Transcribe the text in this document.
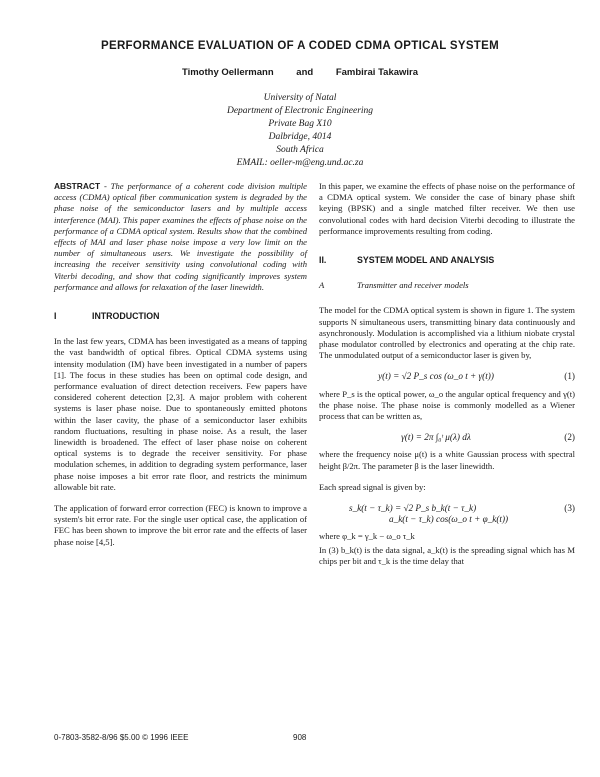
PERFORMANCE EVALUATION OF A CODED CDMA OPTICAL SYSTEM
Timothy Oellermann and Fambirai Takawira
University of Natal
Department of Electronic Engineering
Private Bag X10
Dalbridge, 4014
South Africa
EMAIL: oeller-m@eng.und.ac.za

ABSTRACT - The performance of a coherent code division multiple access (CDMA) optical fiber communication system is degraded by the phase noise of the semiconductor lasers and by multiple access interference (MAI). This paper examines the effects of phase noise on the performance of a CDMA optical system. Results show that the combined effects of MAI and laser phase noise impose a very low limit on the number of simultaneous users. We investigate the possibility of increasing the receiver sensitivity using convolutional coding with Viterbi decoding, and show that coding significantly improves system performance and allows for relaxation of the laser linewidth.

I	INTRODUCTION

In the last few years, CDMA has been investigated as a means of tapping the vast bandwidth of optical fibres. Optical CDMA systems using intensity modulation (IM) have been investigated in a number of papers [1]. The focus in these studies has been on optimal code design, and performance evaluation of direct detection receivers. Few papers have considered coherent detection [2,3]. A major problem with coherent systems is laser phase noise. Due to spontaneously emitted photons within the laser cavity, the phase of a semiconductor laser exhibits random fluctuations, resulting in phase noise. As a result, the laser linewidth is broadened. The effect of laser phase noise on coherent optical systems is to degrade the receiver sensitivity. For phase modulation schemes, in addition to degrading system performance, laser phase noise imposes a bit error rate floor, and restricts the minimum allowable bit rate.

The application of forward error correction (FEC) is known to improve a system's bit error rate. For the single user optical case, the application of FEC has been shown to improve the bit error rate and the effects of laser phase noise [4,5].

In this paper, we examine the effects of phase noise on the performance of a CDMA optical system. We consider the case of binary phase shift keying (BPSK) and a single matched filter receiver. We then use convolutional codes with hard decision Viterbi decoding to illustrate the performance improvements resulting from coding.

II.	SYSTEM MODEL AND ANALYSIS
A	Transmitter and receiver models

The model for the CDMA optical system is shown in figure 1. The system supports N simultaneous users, transmitting binary data continuously and asynchronously. Modulation is accomplished via a lithium niobate crystal phase modulator controlled by electronics and operating at the chip rate. The unmodulated output of a semiconductor laser is given by,

y(t) = √2 P_s cos (ω_o t + γ(t))	(1)

where P_s is the optical power, ω_o the angular optical frequency and γ(t) the phase noise. The phase noise is commonly modelled as a Wiener process that can be written as,

γ(t) = 2π ∫₀ᵗ μ(λ) dλ	(2)

where the frequency noise μ(t) is a white Gaussian process with spectral height β/2π. The parameter β is the laser linewidth.

Each spread signal is given by:

s_k(t − τ_k) = √2 P_s b_k(t − τ_k)	(3)
a_k(t − τ_k) cos(ω_o t + φ_k(t))
where φ_k = γ_k − ω_o τ_k
In (3) b_k(t) is the data signal, a_k(t) is the spreading signal which has M chips per bit and τ_k is the time delay that
0-7803-3582-8/96 $5.00 © 1996 IEEE	908
